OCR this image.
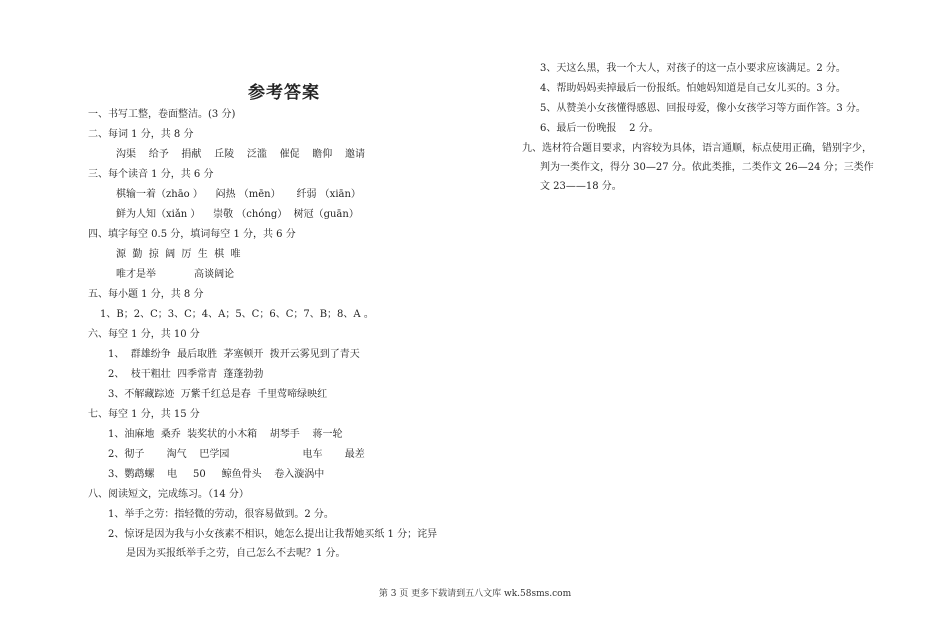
参考答案
一、书写工整，卷面整洁。(3 分)
二、每词 1 分，共 8 分
沟渠    给予    捐献    丘陵    泛滥    催促    瞻仰    邀请
三、每个读音 1 分，共 6 分
棋输一着（zhāo ）    闷热 （mēn）     纤弱 （xiān）
鲜为人知（xiǎn ）    崇敬 （chóng）  树冠（guān）
四、填字每空 0.5 分，填词每空 1 分，共 6 分
源  勤  掠  阔  厉  生  棋  唯
唯才是举            高谈阔论
五、每小题 1 分，共 8 分
1、B；2、C；3、C；4、A；5、C；6、C；7、B；8、A 。
六、每空 1 分，共 10 分
1、  群雄纷争  最后取胜  茅塞顿开  拨开云雾见到了青天
2、  枝干粗壮  四季常青  蓬蓬勃勃
3、不解藏踪迹  万紫千红总是春  千里莺啼绿映红
七、每空 1 分，共 15 分
1、油麻地  桑乔  装奖状的小木箱    胡琴手    蒋一轮
2、彻子       淘气    巴学园                       电车       最差
3、鹦鹉螺    电     50     鲸鱼骨头    卷入漩涡中
八、阅读短文，完成练习。（14 分）
1、举手之劳：指轻微的劳动，很容易做到。2 分。
2、惊讶是因为我与小女孩素不相识，她怎么提出让我帮她买纸 1 分；诧异
是因为买报纸举手之劳，自己怎么不去呢？1 分。
3、天这么黑，我一个大人，对孩子的这一点小要求应该满足。2 分。
4、帮助妈妈卖掉最后一份报纸。怕她妈知道是自己女儿买的。3 分。
5、从赞美小女孩懂得感恩、回报母爱，像小女孩学习等方面作答。3 分。
6、最后一份晚报    2 分。
九、选材符合题目要求，内容较为具体，语言通顺，标点使用正确，错别字少，
判为一类作文，得分 30—27 分。依此类推，二类作文 26—24 分；三类作
文 23——18 分。
第 3 页 更多下载请到五八文库 wk.58sms.com
